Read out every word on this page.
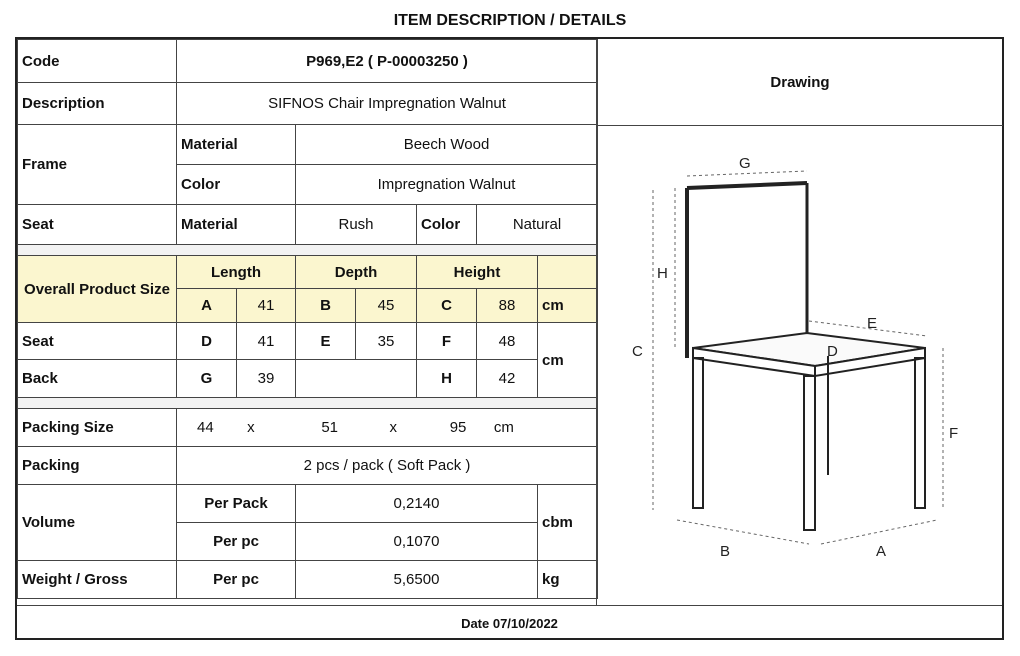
ITEM DESCRIPTION / DETAILS
Code	P969,E2 ( P-00003250 )						
Description	SIFNOS Chair Impregnation Walnut						
Frame	Material		Beech Wood				
	Color		Impregnation Walnut				
Seat	Material		Rush		Color	Natural	

Overall Product Size	Length		Depth		Height		
	A	41	B	45	C	88	cm
Seat	D	41	E	35	F	48	cm
Back	G	39			H	42	

Packing Size	44 x 51 x 95 cm						
Packing	2 pcs / pack ( Soft Pack )						
Volume	Per Pack		0,2140				cbm
	Per pc		0,1070				
Weight / Gross	Per pc		5,6500				kg
Drawing
G
H
C
E
D
F
B	A
Date 07/10/2022
